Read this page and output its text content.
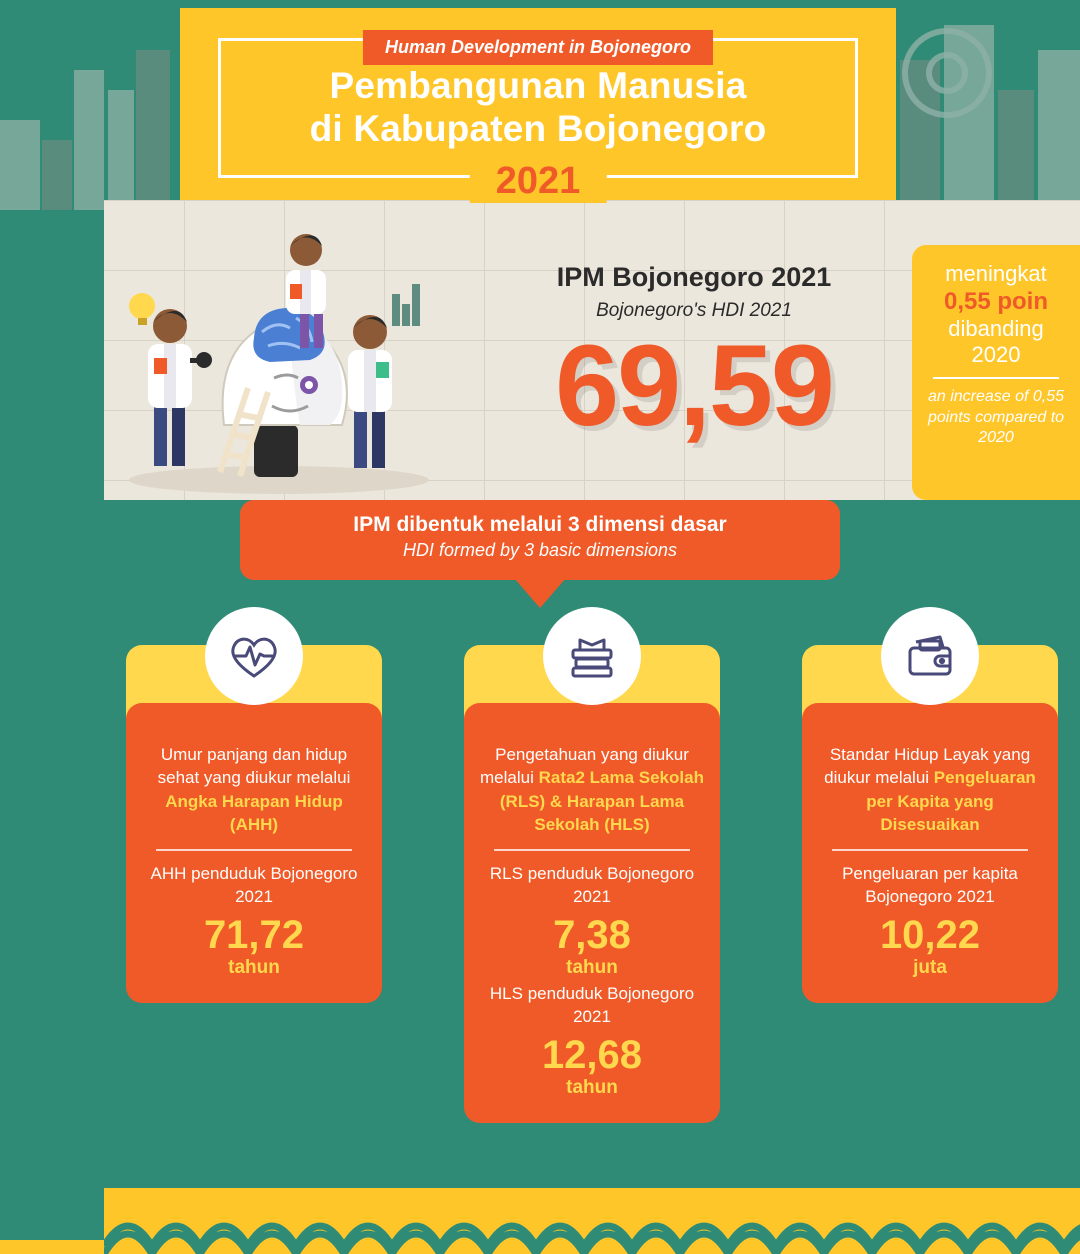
Human Development in Bojonegoro
Pembangunan Manusia
di Kabupaten Bojonegoro
2021
IPM Bojonegoro 2021
Bojonegoro's HDI 2021
69,59
meningkat
0,55 poin
dibanding
2020
an increase of 0,55 points compared to 2020
IPM dibentuk melalui 3 dimensi dasar
HDI formed by 3 basic dimensions
Umur panjang dan hidup sehat yang diukur melalui Angka Harapan Hidup (AHH)
AHH penduduk Bojonegoro 2021
71,72
tahun
Pengetahuan yang diukur melalui Rata2 Lama Sekolah (RLS) & Harapan Lama Sekolah (HLS)
RLS penduduk Bojonegoro 2021
7,38
tahun
HLS penduduk Bojonegoro 2021
12,68
tahun
Standar Hidup Layak yang diukur melalui Pengeluaran per Kapita yang Disesuaikan
Pengeluaran per kapita Bojonegoro 2021
10,22
juta
